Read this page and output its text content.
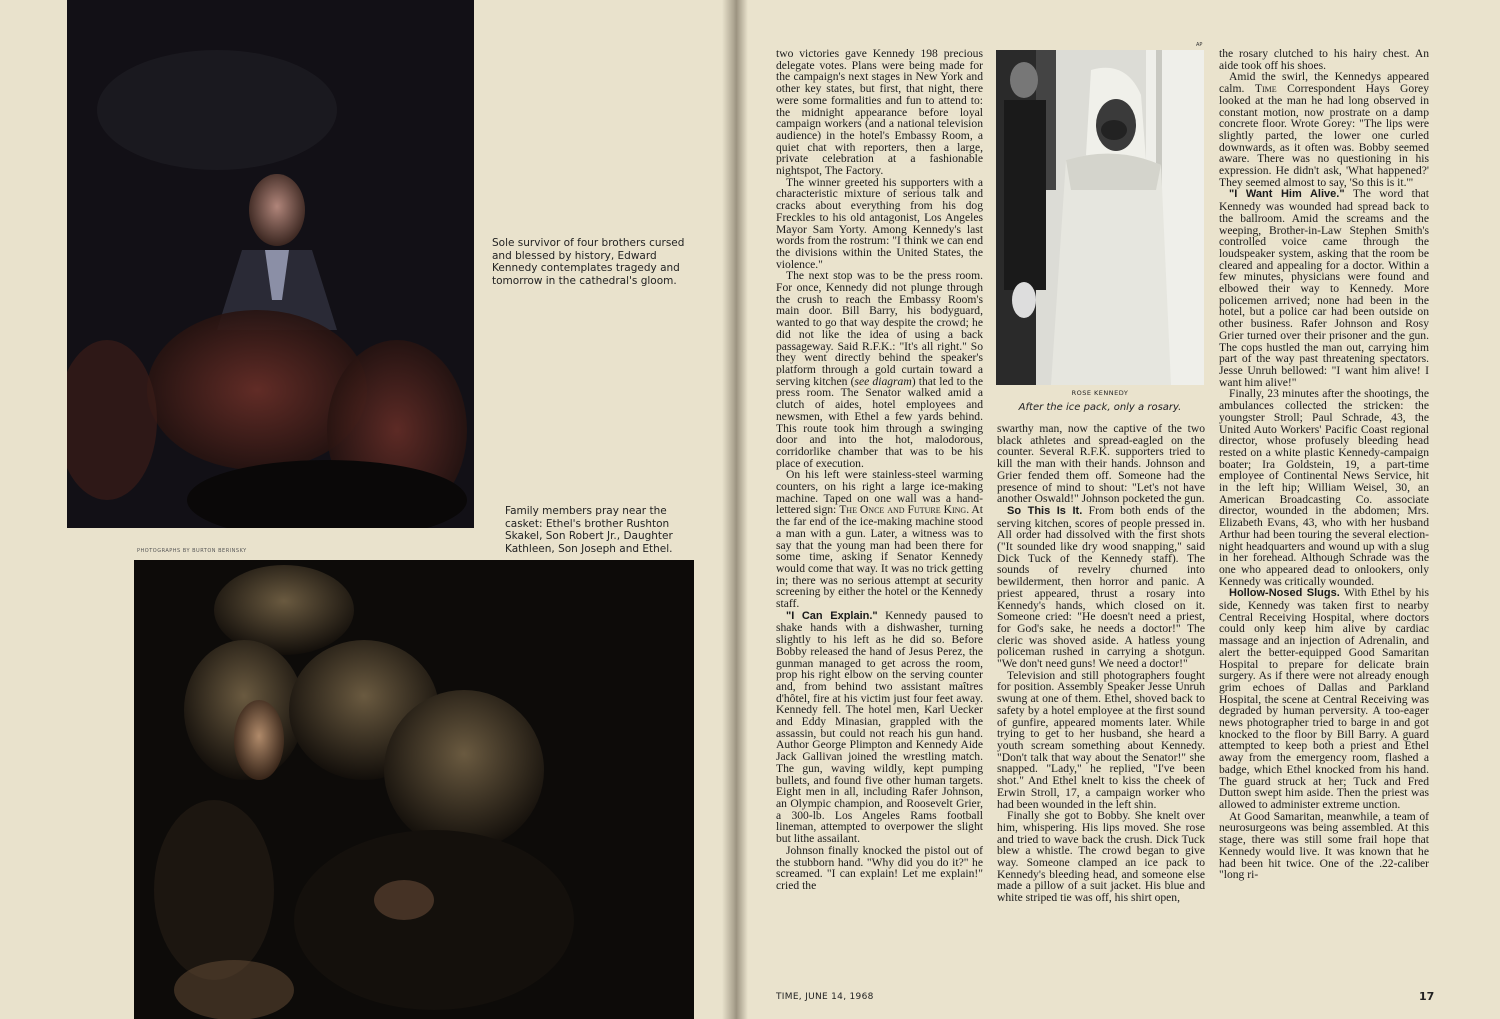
Sole survivor of four brothers cursed and blessed by history, Edward Kennedy contemplates tragedy and tomorrow in the cathedral's gloom.
Family members pray near the casket: Ethel's brother Rushton Skakel, Son Robert Jr., Daughter Kathleen, Son Joseph and Ethel.
PHOTOGRAPHS BY BURTON BERINSKY

two victories gave Kennedy 198 precious delegate votes. Plans were being made for the campaign's next stages in New York and other key states, but first, that night, there were some formalities and fun to attend to: the midnight appearance before loyal campaign workers (and a national television audience) in the hotel's Embassy Room, a quiet chat with reporters, then a large, private celebration at a fashionable nightspot, The Factory.

The winner greeted his supporters with a characteristic mixture of serious talk and cracks about everything from his dog Freckles to his old antagonist, Los Angeles Mayor Sam Yorty. Among Kennedy's last words from the rostrum: "I think we can end the divisions within the United States, the violence."

The next stop was to be the press room. For once, Kennedy did not plunge through the crush to reach the Embassy Room's main door. Bill Barry, his bodyguard, wanted to go that way despite the crowd; he did not like the idea of using a back passageway. Said R.F.K.: "It's all right." So they went directly behind the speaker's platform through a gold curtain toward a serving kitchen (see diagram) that led to the press room. The Senator walked amid a clutch of aides, hotel employees and newsmen, with Ethel a few yards behind. This route took him through a swinging door and into the hot, malodorous, corridorlike chamber that was to be his place of execution.

On his left were stainless-steel warming counters, on his right a large ice-making machine. Taped on one wall was a hand-lettered sign: The Once and Future King. At the far end of the ice-making machine stood a man with a gun. Later, a witness was to say that the young man had been there for some time, asking if Senator Kennedy would come that way. It was no trick getting in; there was no serious attempt at security screening by either the hotel or the Kennedy staff.

"I Can Explain." Kennedy paused to shake hands with a dishwasher, turning slightly to his left as he did so. Before Bobby released the hand of Jesus Perez, the gunman managed to get across the room, prop his right elbow on the serving counter and, from behind two assistant maîtres d'hôtel, fire at his victim just four feet away. Kennedy fell. The hotel men, Karl Uecker and Eddy Minasian, grappled with the assassin, but could not reach his gun hand. Author George Plimpton and Kennedy Aide Jack Gallivan joined the wrestling match. The gun, waving wildly, kept pumping bullets, and found five other human targets. Eight men in all, including Rafer Johnson, an Olympic champion, and Roosevelt Grier, a 300-lb. Los Angeles Rams football lineman, attempted to overpower the slight but lithe assailant.

Johnson finally knocked the pistol out of the stubborn hand. "Why did you do it?" he screamed. "I can explain! Let me explain!" cried the

AP
ROSE KENNEDY
After the ice pack, only a rosary.

swarthy man, now the captive of the two black athletes and spread-eagled on the counter. Several R.F.K. supporters tried to kill the man with their hands. Johnson and Grier fended them off. Someone had the presence of mind to shout: "Let's not have another Oswald!" Johnson pocketed the gun.

So This Is It. From both ends of the serving kitchen, scores of people pressed in. All order had dissolved with the first shots ("It sounded like dry wood snapping," said Dick Tuck of the Kennedy staff). The sounds of revelry churned into bewilderment, then horror and panic. A priest appeared, thrust a rosary into Kennedy's hands, which closed on it. Someone cried: "He doesn't need a priest, for God's sake, he needs a doctor!" The cleric was shoved aside. A hatless young policeman rushed in carrying a shotgun. "We don't need guns! We need a doctor!"

Television and still photographers fought for position. Assembly Speaker Jesse Unruh swung at one of them. Ethel, shoved back to safety by a hotel employee at the first sound of gunfire, appeared moments later. While trying to get to her husband, she heard a youth scream something about Kennedy. "Don't talk that way about the Senator!" she snapped. "Lady," he replied, "I've been shot." And Ethel knelt to kiss the cheek of Erwin Stroll, 17, a campaign worker who had been wounded in the left shin.

Finally she got to Bobby. She knelt over him, whispering. His lips moved. She rose and tried to wave back the crush. Dick Tuck blew a whistle. The crowd began to give way. Someone clamped an ice pack to Kennedy's bleeding head, and someone else made a pillow of a suit jacket. His blue and white striped tie was off, his shirt open,

the rosary clutched to his hairy chest. An aide took off his shoes.

Amid the swirl, the Kennedys appeared calm. Time Correspondent Hays Gorey looked at the man he had long observed in constant motion, now prostrate on a damp concrete floor. Wrote Gorey: "The lips were slightly parted, the lower one curled downwards, as it often was. Bobby seemed aware. There was no questioning in his expression. He didn't ask, 'What happened?' They seemed almost to say, 'So this is it.'"

"I Want Him Alive." The word that Kennedy was wounded had spread back to the ballroom. Amid the screams and the weeping, Brother-in-Law Stephen Smith's controlled voice came through the loudspeaker system, asking that the room be cleared and appealing for a doctor. Within a few minutes, physicians were found and elbowed their way to Kennedy. More policemen arrived; none had been in the hotel, but a police car had been outside on other business. Rafer Johnson and Rosy Grier turned over their prisoner and the gun. The cops hustled the man out, carrying him part of the way past threatening spectators. Jesse Unruh bellowed: "I want him alive! I want him alive!"

Finally, 23 minutes after the shootings, the ambulances collected the stricken: the youngster Stroll; Paul Schrade, 43, the United Auto Workers' Pacific Coast regional director, whose profusely bleeding head rested on a white plastic Kennedy-campaign boater; Ira Goldstein, 19, a part-time employee of Continental News Service, hit in the left hip; William Weisel, 30, an American Broadcasting Co. associate director, wounded in the abdomen; Mrs. Elizabeth Evans, 43, who with her husband Arthur had been touring the several election-night headquarters and wound up with a slug in her forehead. Although Schrade was the one who appeared dead to onlookers, only Kennedy was critically wounded.

Hollow-Nosed Slugs. With Ethel by his side, Kennedy was taken first to nearby Central Receiving Hospital, where doctors could only keep him alive by cardiac massage and an injection of Adrenalin, and alert the better-equipped Good Samaritan Hospital to prepare for delicate brain surgery. As if there were not already enough grim echoes of Dallas and Parkland Hospital, the scene at Central Receiving was degraded by human perversity. A too-eager news photographer tried to barge in and got knocked to the floor by Bill Barry. A guard attempted to keep both a priest and Ethel away from the emergency room, flashed a badge, which Ethel knocked from his hand. The guard struck at her; Tuck and Fred Dutton swept him aside. Then the priest was allowed to administer extreme unction.

At Good Samaritan, meanwhile, a team of neurosurgeons was being assembled. At this stage, there was still some frail hope that Kennedy would live. It was known that he had been hit twice. One of the .22-caliber "long ri-

TIME, JUNE 14, 1968	17
